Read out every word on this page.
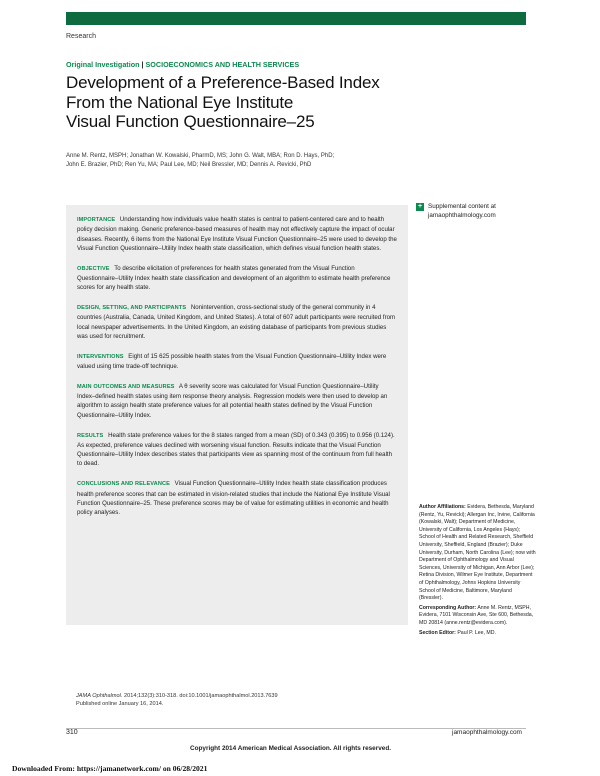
Research
Original Investigation | SOCIOECONOMICS AND HEALTH SERVICES
Development of a Preference-Based Index
From the National Eye Institute
Visual Function Questionnaire–25
Anne M. Rentz, MSPH; Jonathan W. Kowalski, PharmD, MS; John G. Walt, MBA; Ron D. Hays, PhD;
John E. Brazier, PhD; Ren Yu, MA; Paul Lee, MD; Neil Bressler, MD; Dennis A. Revicki, PhD
+ Supplemental content at
jamaophthalmology.com

IMPORTANCE Understanding how individuals value health states is central to patient-centered care and to health policy decision making. Generic preference-based measures of health may not effectively capture the impact of ocular diseases. Recently, 6 items from the National Eye Institute Visual Function Questionnaire–25 were used to develop the Visual Function Questionnaire–Utility Index health state classification, which defines visual function health states.

OBJECTIVE To describe elicitation of preferences for health states generated from the Visual Function Questionnaire–Utility Index health state classification and development of an algorithm to estimate health preference scores for any health state.

DESIGN, SETTING, AND PARTICIPANTS Nonintervention, cross-sectional study of the general community in 4 countries (Australia, Canada, United Kingdom, and United States). A total of 607 adult participants were recruited from local newspaper advertisements. In the United Kingdom, an existing database of participants from previous studies was used for recruitment.

INTERVENTIONS Eight of 15 625 possible health states from the Visual Function Questionnaire–Utility Index were valued using time trade-off technique.

MAIN OUTCOMES AND MEASURES A θ severity score was calculated for Visual Function Questionnaire–Utility Index–defined health states using item response theory analysis. Regression models were then used to develop an algorithm to assign health state preference values for all potential health states defined by the Visual Function Questionnaire–Utility Index.

RESULTS Health state preference values for the 8 states ranged from a mean (SD) of 0.343 (0.395) to 0.956 (0.124). As expected, preference values declined with worsening visual function. Results indicate that the Visual Function Questionnaire–Utility Index describes states that participants view as spanning most of the continuum from full health to dead.

CONCLUSIONS AND RELEVANCE Visual Function Questionnaire–Utility Index health state classification produces health preference scores that can be estimated in vision-related studies that include the National Eye Institute Visual Function Questionnaire–25. These preference scores may be of value for estimating utilities in economic and health policy analyses.

JAMA Ophthalmol. 2014;132(3):310-318. doi:10.1001/jamaophthalmol.2013.7639
Published online January 16, 2014.

Author Affiliations: Evidera, Bethesda, Maryland (Rentz, Yu, Revicki); Allergan Inc, Irvine, California (Kowalski, Walt); Department of Medicine, University of California, Los Angeles (Hays); School of Health and Related Research, Sheffield University, Sheffield, England (Brazier); Duke University, Durham, North Carolina (Lee); now with Department of Ophthalmology and Visual Sciences, University of Michigan, Ann Arbor (Lee); Retina Division, Wilmer Eye Institute, Department of Ophthalmology, Johns Hopkins University School of Medicine, Baltimore, Maryland (Bressler).

Corresponding Author: Anne M. Rentz, MSPH, Evidera, 7101 Wisconsin Ave, Ste 600, Bethesda, MD 20814 (anne.rentz@evidera.com).

Section Editor: Paul P. Lee, MD.

310	jamaophthalmology.com
Copyright 2014 American Medical Association. All rights reserved.
Downloaded From: https://jamanetwork.com/ on 06/28/2021
